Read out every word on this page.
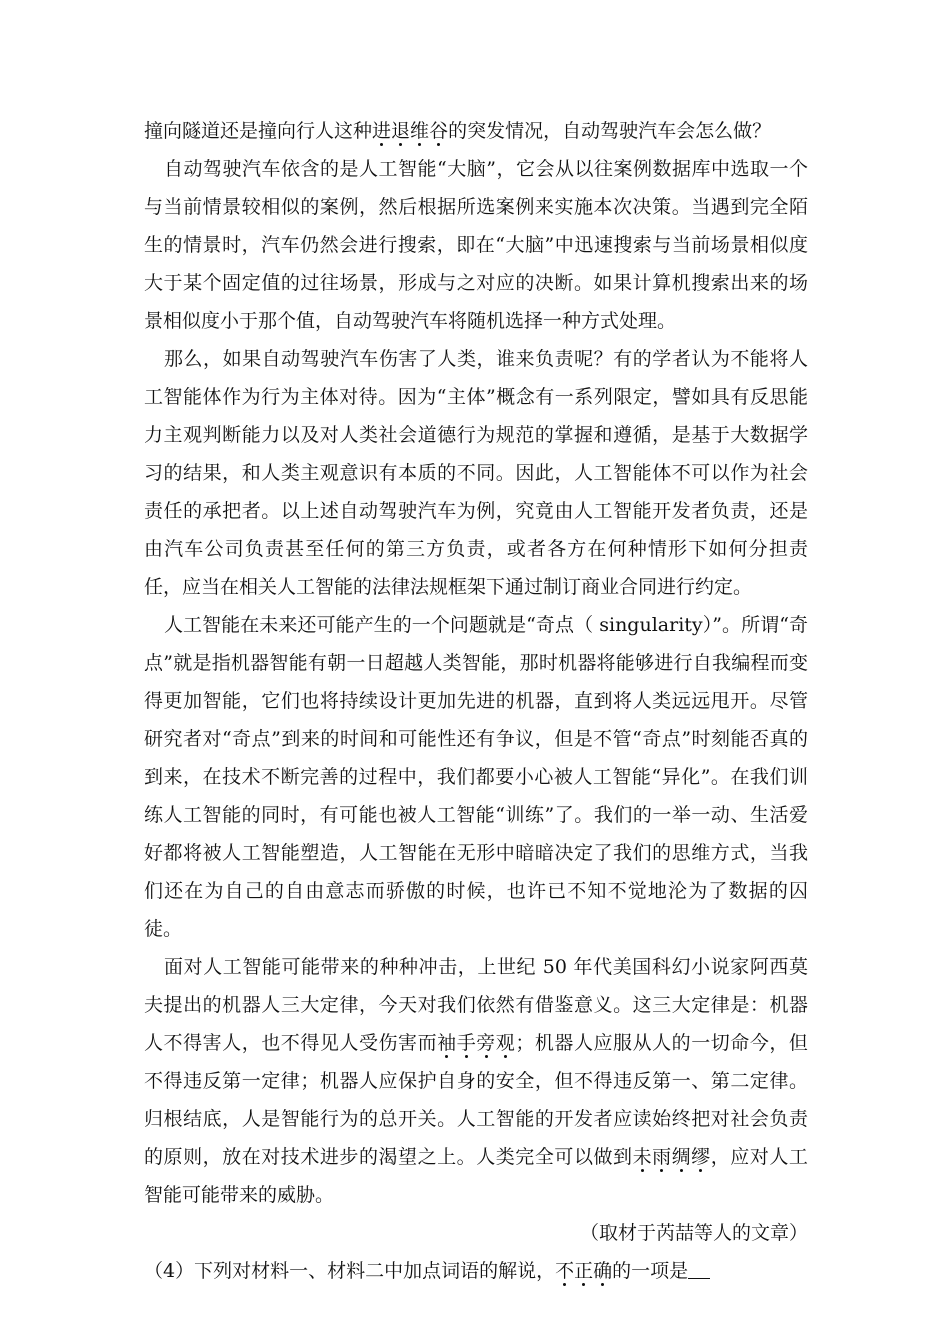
撞向隧道还是撞向行人这种进退维谷的突发情况，自动驾驶汽车会怎么做？

自动驾驶汽车依含的是人工智能“大脑”，它会从以往案例数据库中选取一个与当前情景较相似的案例，然后根据所选案例来实施本次决策。当遇到完全陌生的情景时，汽车仍然会进行搜索，即在“大脑”中迅速搜索与当前场景相似度大于某个固定值的过往场景，形成与之对应的决断。如果计算机搜索出来的场景相似度小于那个值，自动驾驶汽车将随机选择一种方式处理。

那么，如果自动驾驶汽车伤害了人类，谁来负责呢？有的学者认为不能将人工智能体作为行为主体对待。因为“主体”概念有一系列限定，譬如具有反思能力主观判断能力以及对人类社会道德行为规范的掌握和遵循，是基于大数据学习的结果，和人类主观意识有本质的不同。因此，人工智能体不可以作为社会责任的承把者。以上述自动驾驶汽车为例，究竟由人工智能开发者负责，还是由汽车公司负责甚至任何的第三方负责，或者各方在何种情形下如何分担责任，应当在相关人工智能的法律法规框架下通过制订商业合同进行约定。

人工智能在未来还可能产生的一个问题就是“奇点（ singularity）”。所谓“奇点”就是指机器智能有朝一日超越人类智能，那时机器将能够进行自我编程而变得更加智能，它们也将持续设计更加先进的机器，直到将人类远远甩开。尽管研究者对“奇点”到来的时间和可能性还有争议，但是不管“奇点”时刻能否真的到来，在技术不断完善的过程中，我们都要小心被人工智能“异化”。在我们训练人工智能的同时，有可能也被人工智能“训练”了。我们的一举一动、生活爱好都将被人工智能塑造，人工智能在无形中暗暗决定了我们的思维方式，当我们还在为自己的自由意志而骄傲的时候，也许已不知不觉地沦为了数据的囚徒。

面对人工智能可能带来的种种冲击，上世纪 50 年代美国科幻小说家阿西莫夫提出的机器人三大定律，今天对我们依然有借鉴意义。这三大定律是：机器人不得害人，也不得见人受伤害而袖手旁观；机器人应服从人的一切命今，但不得违反第一定律；机器人应保护自身的安全，但不得违反第一、第二定律。归根结底，人是智能行为的总开关。人工智能的开发者应读始终把对社会负责的原则，放在对技术进步的渴望之上。人类完全可以做到未雨绸缪，应对人工智能可能带来的威胁。

（取材于芮喆等人的文章）

（4）下列对材料一、材料二中加点词语的解说，不正确的一项是
